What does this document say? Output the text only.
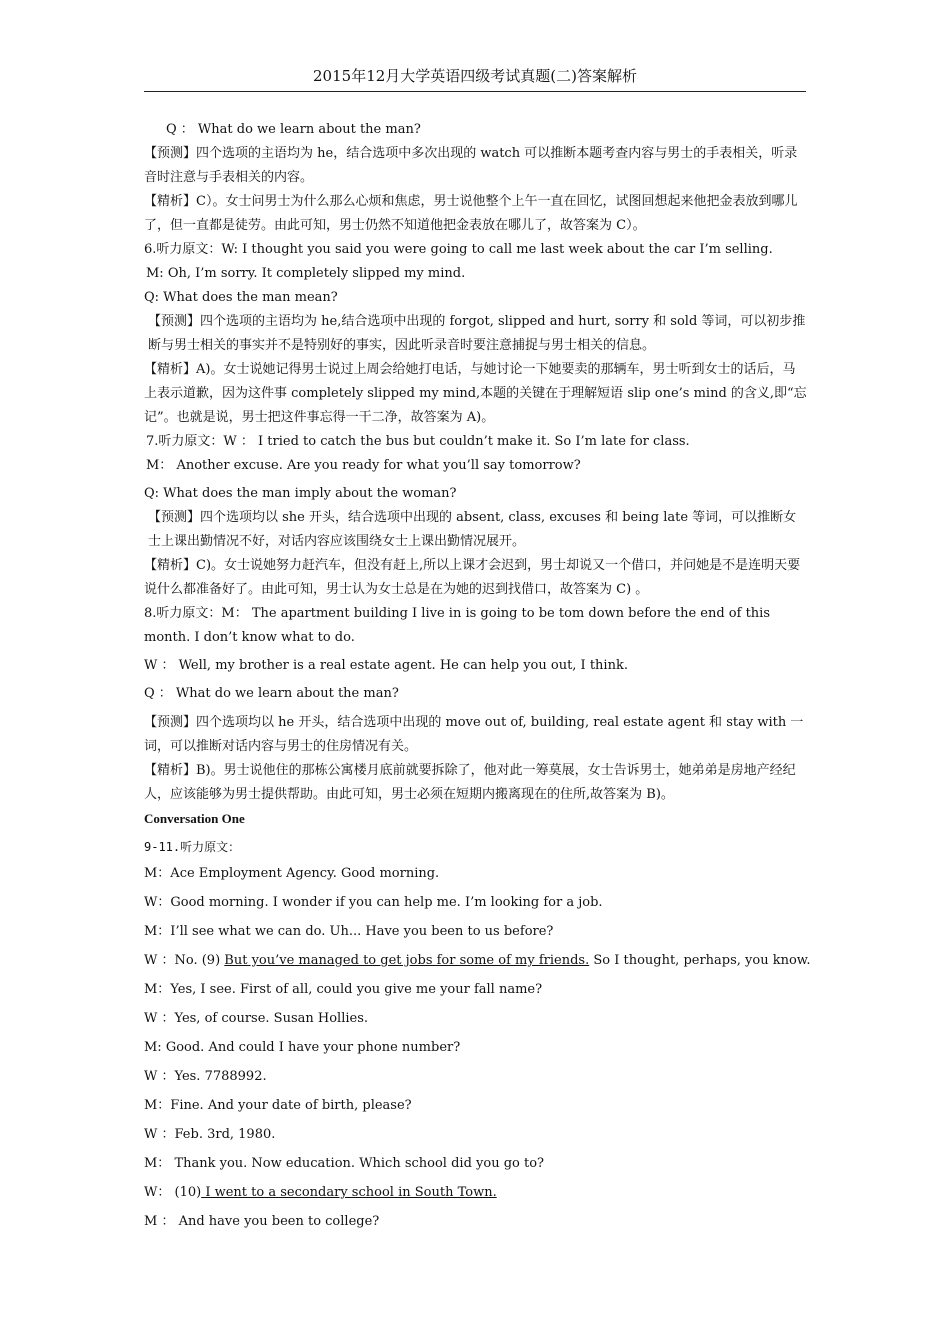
2015年12月大学英语四级考试真题(二)答案解析
Q ： What do we learn about the man?
【预测】四个选项的主语均为 he，结合选项中多次出现的 watch 可以推断本题考查内容与男士的手表相关，听录音时注意与手表相关的内容。
【精析】C）。女士问男士为什么那么心烦和焦虑，男士说他整个上午一直在回忆，试图回想起来他把金表放到哪儿了，但一直都是徒劳。由此可知，男士仍然不知道他把金表放在哪儿了，故答案为 C）。
6.听力原文：W: I thought you said you were going to call me last week about the car I’m selling.
M: Oh, I’m sorry. It completely slipped my mind.
Q: What does the man mean?
【预测】四个选项的主语均为 he,结合选项中出现的 forgot, slipped and hurt, sorry 和 sold 等词，可以初步推断与男士相关的事实并不是特别好的事实，因此听录音时要注意捕捉与男士相关的信息。
【精析】A)。女士说她记得男士说过上周会给她打电话，与她讨论一下她要卖的那辆车，男士听到女士的话后，马上表示道歉，因为这件事 completely slipped my mind,本题的关键在于理解短语 slip one’s mind 的含义,即“忘记”。也就是说，男士把这件事忘得一干二净，故答案为 A)。
7.听力原文：W ： I tried to catch the bus but couldn’t make it. So I’m late for class.
M： Another excuse. Are you ready for what you’ll say tomorrow?
Q: What does the man imply about the woman?
【预测】四个选项均以 she 开头，结合选项中出现的 absent, class, excuses 和 being late 等词，可以推断女士上课出勤情况不好，对话内容应该围绕女士上课出勤情况展开。
【精析】C)。女士说她努力赶汽车，但没有赶上,所以上课才会迟到，男士却说又一个借口，并问她是不是连明天要说什么都准备好了。由此可知，男士认为女士总是在为她的迟到找借口，故答案为 C) 。
8.听力原文：M： The apartment building I live in is going to be tom down before the end of this month. I don’t know what to do.
W ： Well, my brother is a real estate agent. He can help you out, I think.
Q ： What do we learn about the man?
【预测】四个选项均以 he 开头，结合选项中出现的 move out of, building, real estate agent 和 stay with 一词，可以推断对话内容与男士的住房情况有关。
【精析】B)。男士说他住的那栋公寓楼月底前就要拆除了，他对此一筹莫展，女士告诉男士，她弟弟是房地产经纪人，应该能够为男士提供帮助。由此可知，男士必须在短期内搬离现在的住所,故答案为 B)。
Conversation One
9-11.听力原文：
M：Ace Employment Agency. Good morning.
W：Good morning. I wonder if you can help me. I’m looking for a job.
M：I’ll see what we can do. Uh... Have you been to us before?
W ：No. (9) But you’ve managed to get jobs for some of my friends. So I thought, perhaps, you know.
M：Yes, I see. First of all, could you give me your fall name?
W ：Yes, of course. Susan Hollies.
M: Good. And could I have your phone number?
W ：Yes. 7788992.
M：Fine. And your date of birth, please?
W ：Feb. 3rd, 1980.
M： Thank you. Now education. Which school did you go to?
W： (10) I went to a secondary school in South Town.
M ： And have you been to college?
